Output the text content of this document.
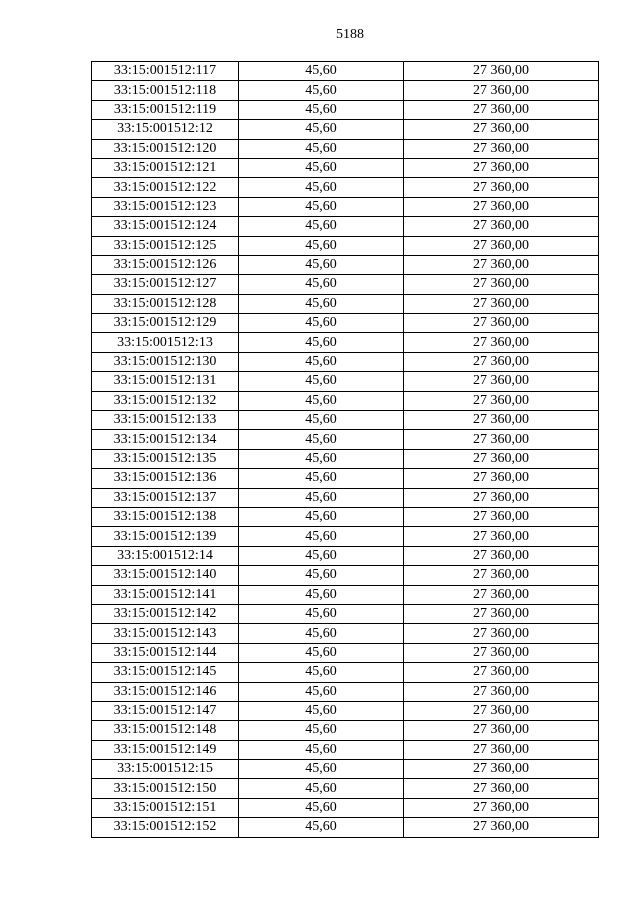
5188
33:15:001512:117	45,60	27 360,00
33:15:001512:118	45,60	27 360,00
33:15:001512:119	45,60	27 360,00
33:15:001512:12	45,60	27 360,00
33:15:001512:120	45,60	27 360,00
33:15:001512:121	45,60	27 360,00
33:15:001512:122	45,60	27 360,00
33:15:001512:123	45,60	27 360,00
33:15:001512:124	45,60	27 360,00
33:15:001512:125	45,60	27 360,00
33:15:001512:126	45,60	27 360,00
33:15:001512:127	45,60	27 360,00
33:15:001512:128	45,60	27 360,00
33:15:001512:129	45,60	27 360,00
33:15:001512:13	45,60	27 360,00
33:15:001512:130	45,60	27 360,00
33:15:001512:131	45,60	27 360,00
33:15:001512:132	45,60	27 360,00
33:15:001512:133	45,60	27 360,00
33:15:001512:134	45,60	27 360,00
33:15:001512:135	45,60	27 360,00
33:15:001512:136	45,60	27 360,00
33:15:001512:137	45,60	27 360,00
33:15:001512:138	45,60	27 360,00
33:15:001512:139	45,60	27 360,00
33:15:001512:14	45,60	27 360,00
33:15:001512:140	45,60	27 360,00
33:15:001512:141	45,60	27 360,00
33:15:001512:142	45,60	27 360,00
33:15:001512:143	45,60	27 360,00
33:15:001512:144	45,60	27 360,00
33:15:001512:145	45,60	27 360,00
33:15:001512:146	45,60	27 360,00
33:15:001512:147	45,60	27 360,00
33:15:001512:148	45,60	27 360,00
33:15:001512:149	45,60	27 360,00
33:15:001512:15	45,60	27 360,00
33:15:001512:150	45,60	27 360,00
33:15:001512:151	45,60	27 360,00
33:15:001512:152	45,60	27 360,00
